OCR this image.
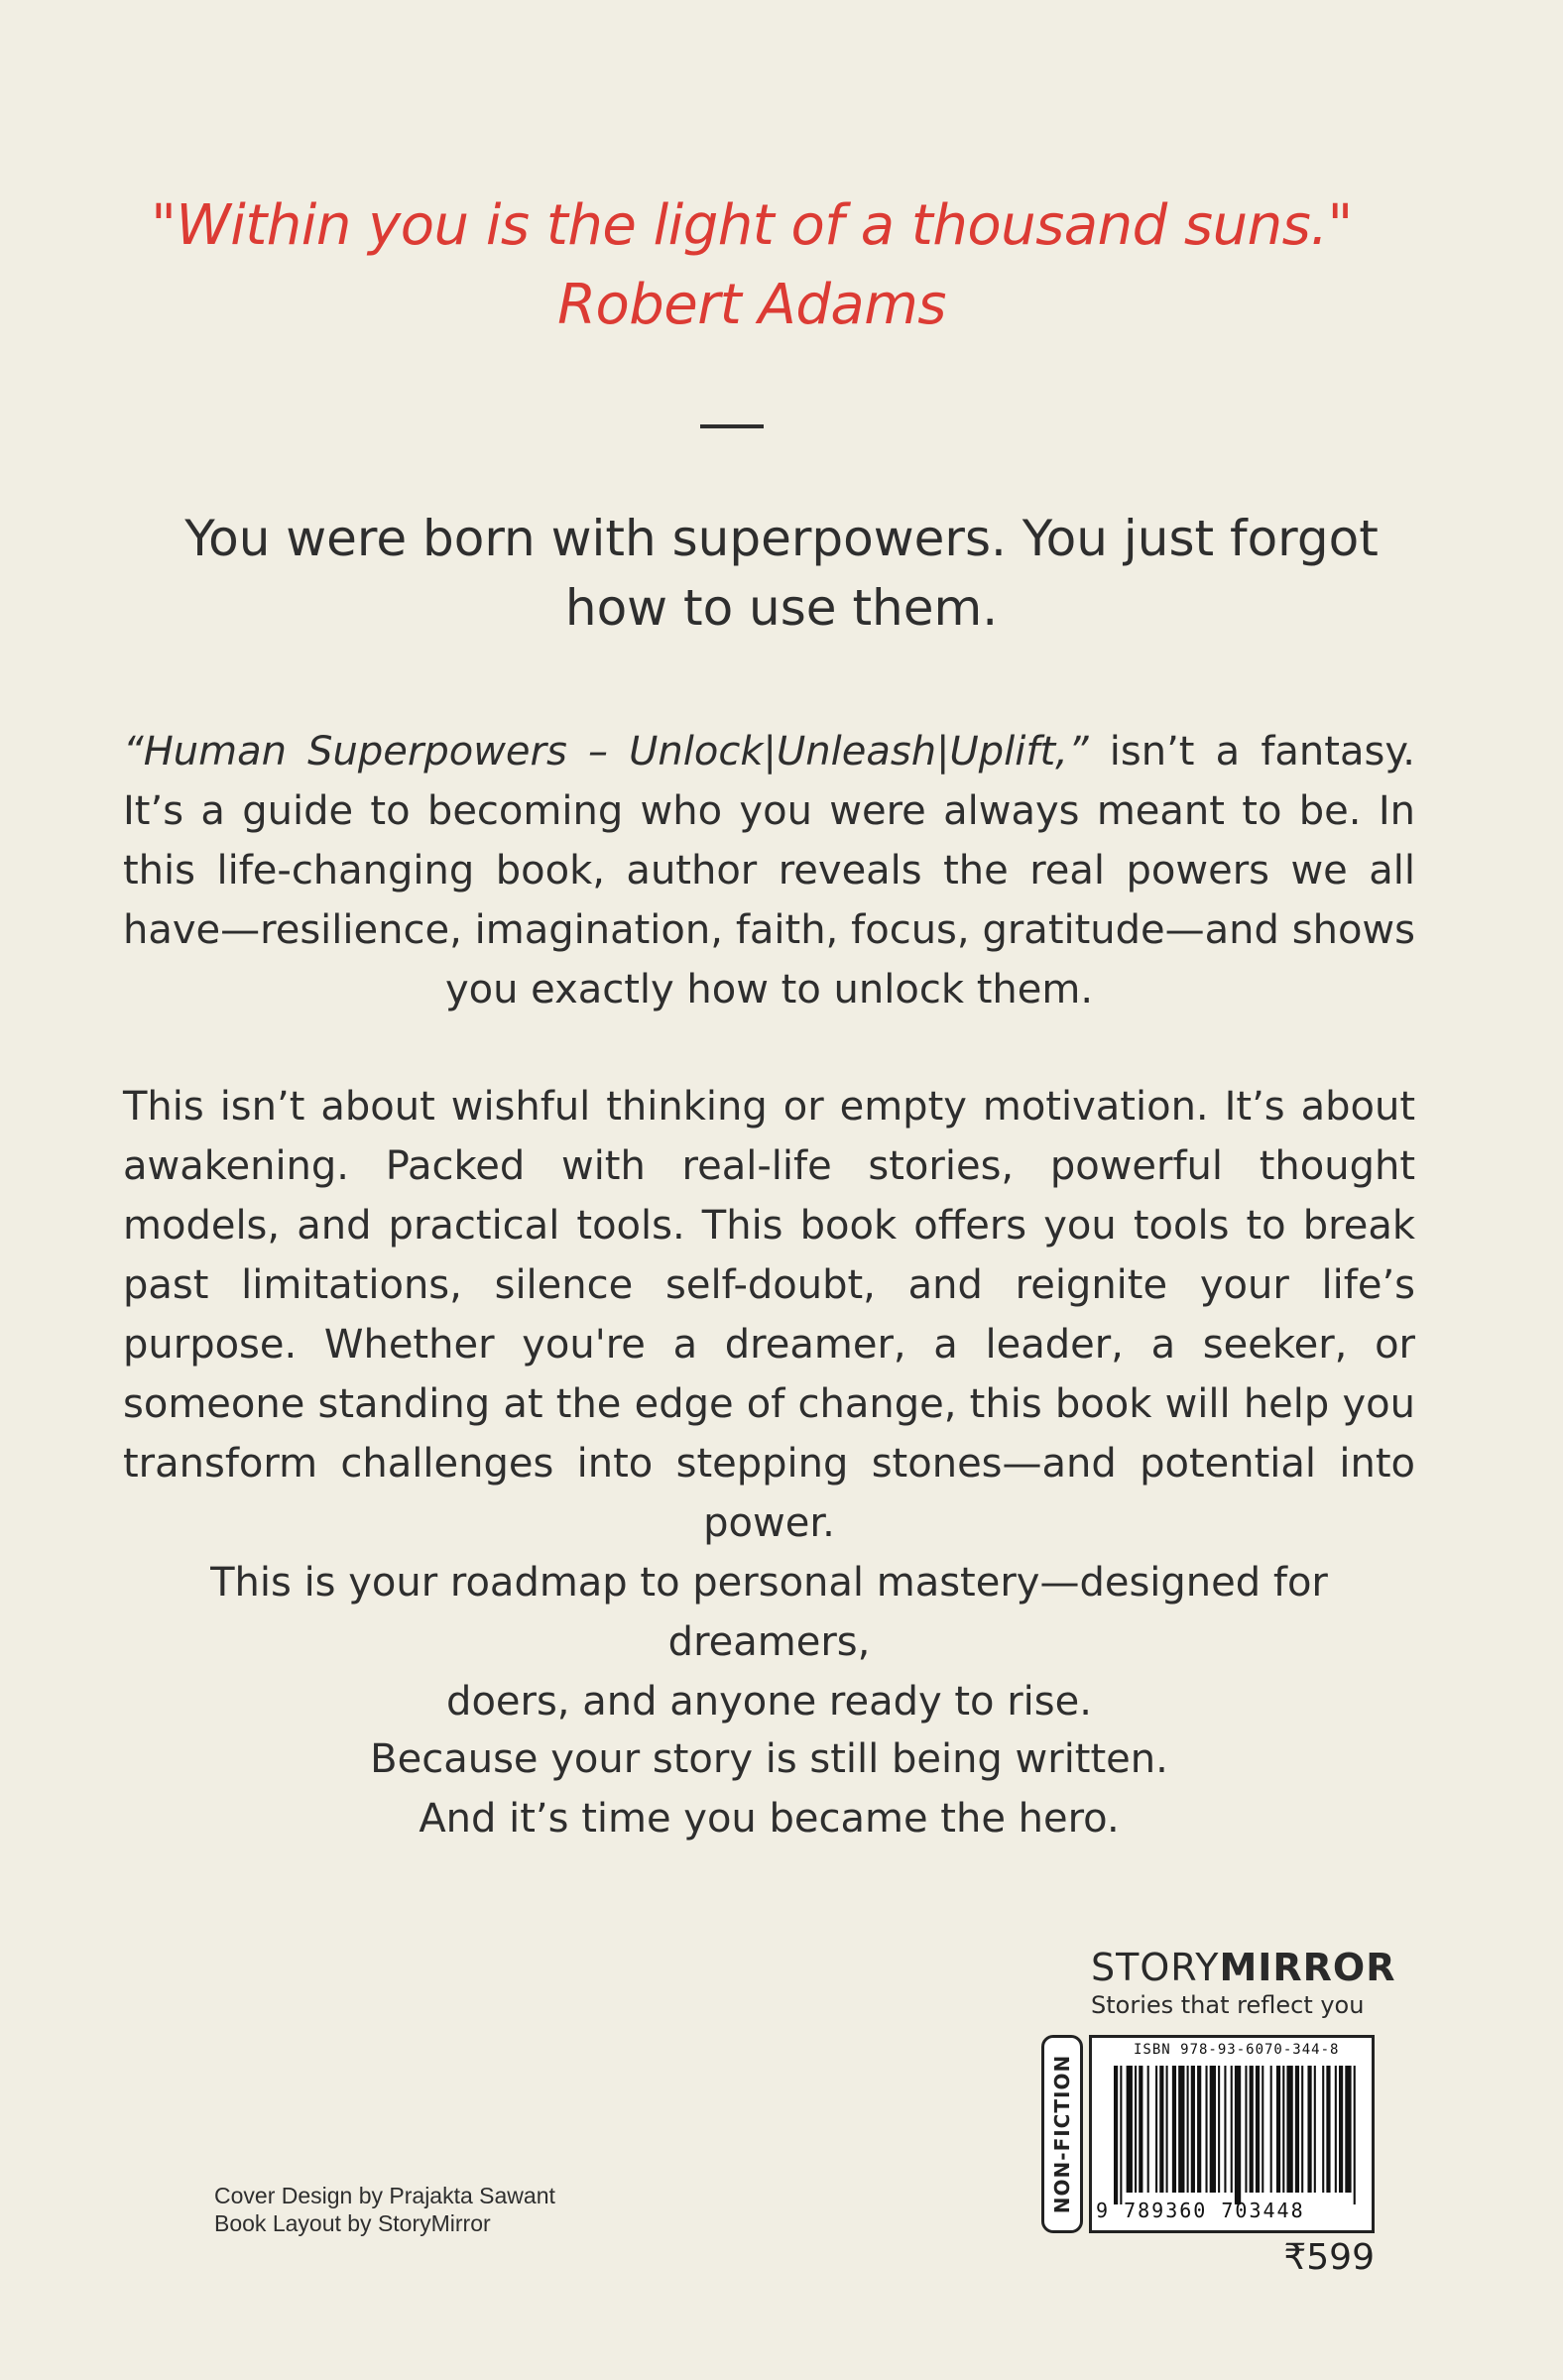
"Within you is the light of a thousand suns."
Robert Adams
You were born with superpowers. You just forgot
how to use them.
“Human Superpowers – Unlock|Unleash|Uplift,” isn’t a fantasy. It’s a guide to becoming who you were always meant to be. In this life-changing book, author reveals the real powers we all have—resilience, imagination, faith, focus, gratitude—and shows you exactly how to unlock them.
This isn’t about wishful thinking or empty motivation. It’s about awakening. Packed with real-life stories, powerful thought models, and practical tools. This book offers you tools to break past limitations, silence self-doubt, and reignite your life’s purpose. Whether you're a dreamer, a leader, a seeker, or someone standing at the edge of change, this book will help you transform challenges into stepping stones—and potential into power.
This is your roadmap to personal mastery—designed for dreamers,
doers, and anyone ready to rise.
Because your story is still being written.
And it’s time you became the hero.
STORYMIRROR
Stories that reflect you
NON-FICTION
ISBN 978-93-6070-344-8
9 789360 703448
₹599
Cover Design by Prajakta Sawant
Book Layout by StoryMirror
